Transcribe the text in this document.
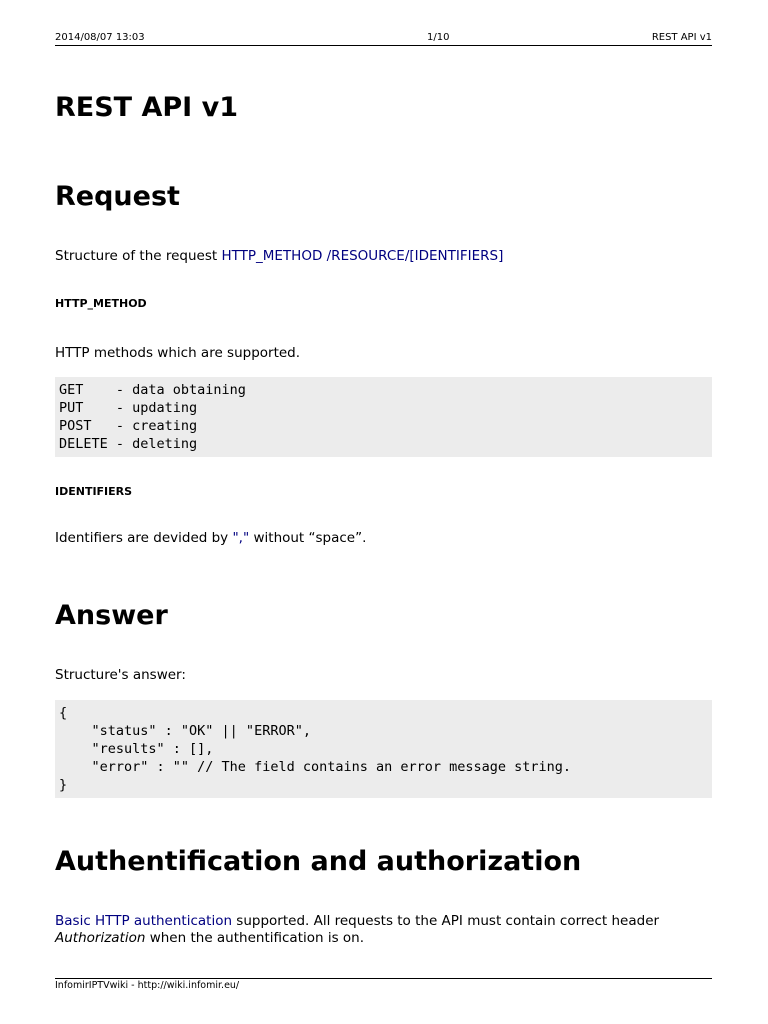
2014/08/07 13:03	1/10	REST API v1
REST API v1
Request

Structure of the request HTTP_METHOD /RESOURCE/[IDENTIFIERS]

HTTP_METHOD

HTTP methods which are supported.

GET    - data obtaining
PUT    - updating
POST   - creating
DELETE - deleting
IDENTIFIERS

Identifiers are devided by "," without “space”.

Answer

Structure's answer:

{
"status" : "OK" || "ERROR",
"results" : [],
"error" : "" // The field contains an error message string.
}
Authentification and authorization

Basic HTTP authentication supported. All requests to the API must contain correct header
Authorization when the authentification is on.

InfomirIPTVwiki - http://wiki.infomir.eu/
